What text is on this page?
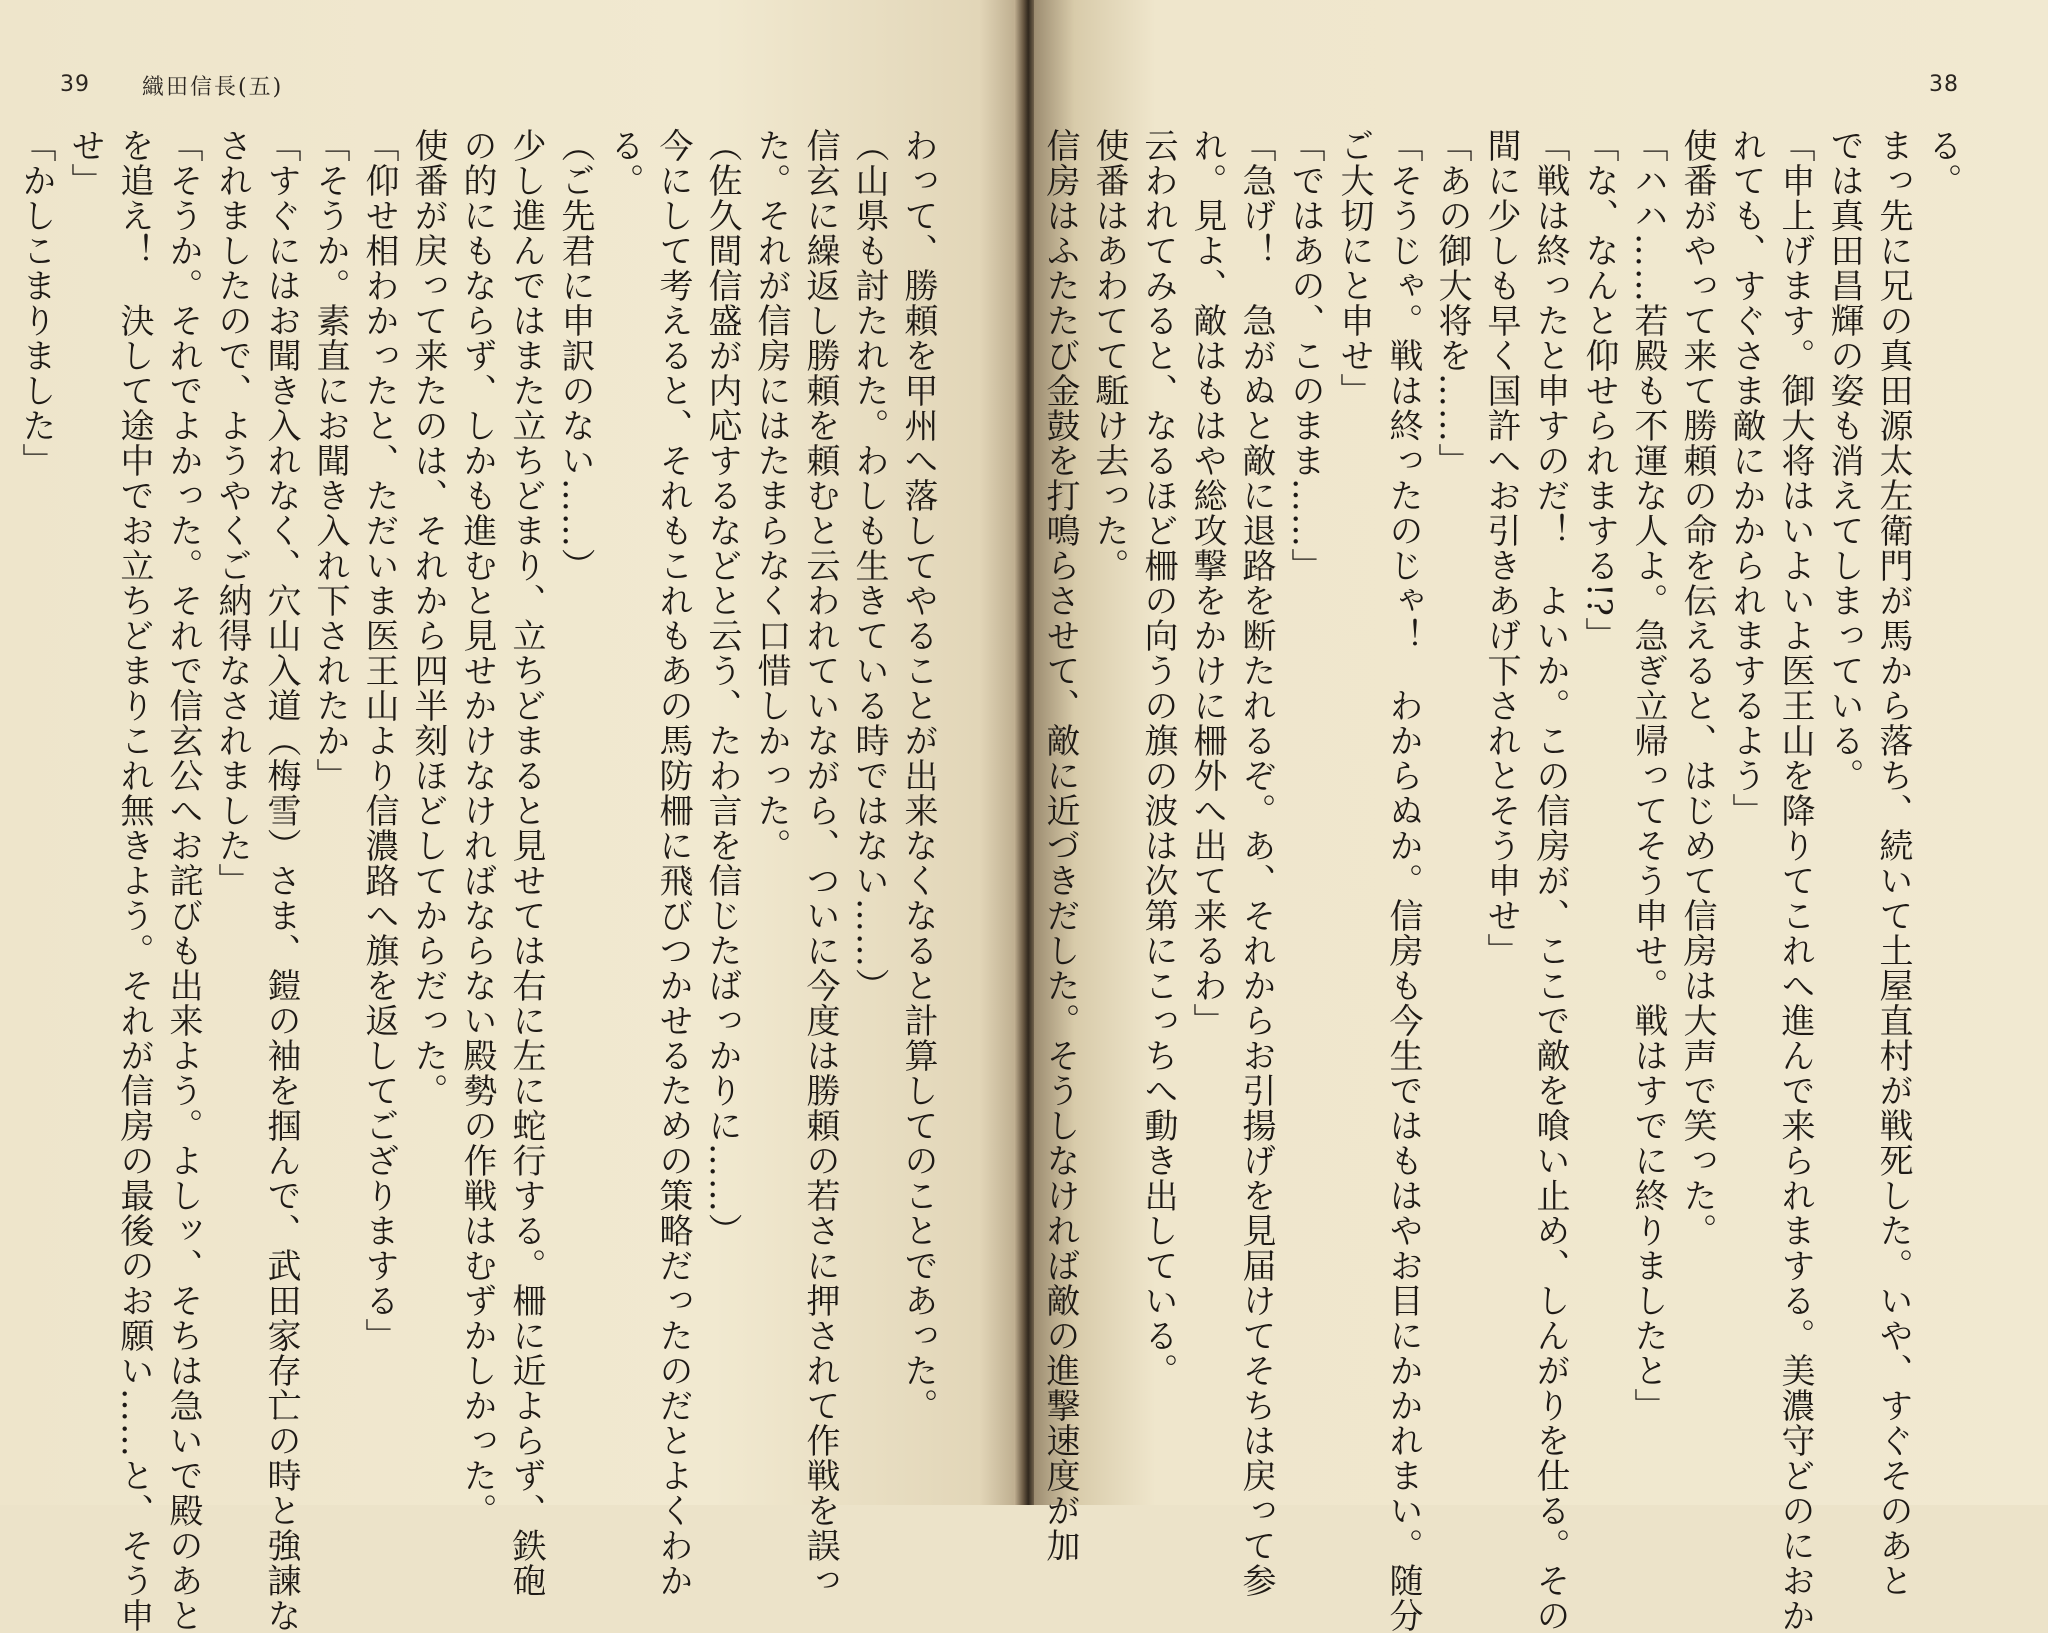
39 織田信長(五)
わって、勝頼を甲州へ落してやることが出来なくなると計算してのことであった。
（山県も討たれた。わしも生きている時ではない……）
信玄に繰返し勝頼を頼むと云われていながら、ついに今度は勝頼の若さに押されて作戦を誤っ
た。それが信房にはたまらなく口惜しかった。
（佐久間信盛が内応するなどと云う、たわ言を信じたばっかりに……）
今にして考えると、それもこれもあの馬防柵に飛びつかせるための策略だったのだとよくわか
る。
（ご先君に申訳のない……）
少し進んではまた立ちどまり、立ちどまると見せては右に左に蛇行する。柵に近よらず、鉄砲
の的にもならず、しかも進むと見せかけなければならない殿勢の作戦はむずかしかった。
使番が戻って来たのは、それから四半刻ほどしてからだった。
「仰せ相わかったと、ただいま医王山より信濃路へ旗を返してござりまする」
「そうか。素直にお聞き入れ下されたか」
「すぐにはお聞き入れなく、穴山入道（梅雪）さま、鎧の袖を掴んで、武田家存亡の時と強諫な
されましたので、ようやくご納得なされました」
「そうか。それでよかった。それで信玄公へお詫びも出来よう。よしッ、そちは急いで殿のあと
を追え！　決して途中でお立ちどまりこれ無きよう。それが信房の最後のお願い……と、そう申
せ」
「かしこまりました」
38
る。
まっ先に兄の真田源太左衛門が馬から落ち、続いて土屋直村が戦死した。いや、すぐそのあと
では真田昌輝の姿も消えてしまっている。
「申上げます。御大将はいよいよ医王山を降りてこれへ進んで来られまする。美濃守どのにおか
れても、すぐさま敵にかかられまするよう」
使番がやって来て勝頼の命を伝えると、はじめて信房は大声で笑った。
「ハハ……若殿も不運な人よ。急ぎ立帰ってそう申せ。戦はすでに終りましたと」
「な、なんと仰せられまする!?」
「戦は終ったと申すのだ！　よいか。この信房が、ここで敵を喰い止め、しんがりを仕る。その
間に少しも早く国許へお引きあげ下されとそう申せ」
「あの御大将を……」
「そうじゃ。戦は終ったのじゃ！　わからぬか。信房も今生ではもはやお目にかかれまい。随分
ご大切にと申せ」
「ではあの、このまま……」
「急げ！　急がぬと敵に退路を断たれるぞ。あ、それからお引揚げを見届けてそちは戻って参
れ。見よ、敵はもはや総攻撃をかけに柵外へ出て来るわ」
云われてみると、なるほど柵の向うの旗の波は次第にこっちへ動き出している。
使番はあわてて駈け去った。
信房はふたたび金鼓を打鳴らさせて、敵に近づきだした。そうしなければ敵の進撃速度が加
